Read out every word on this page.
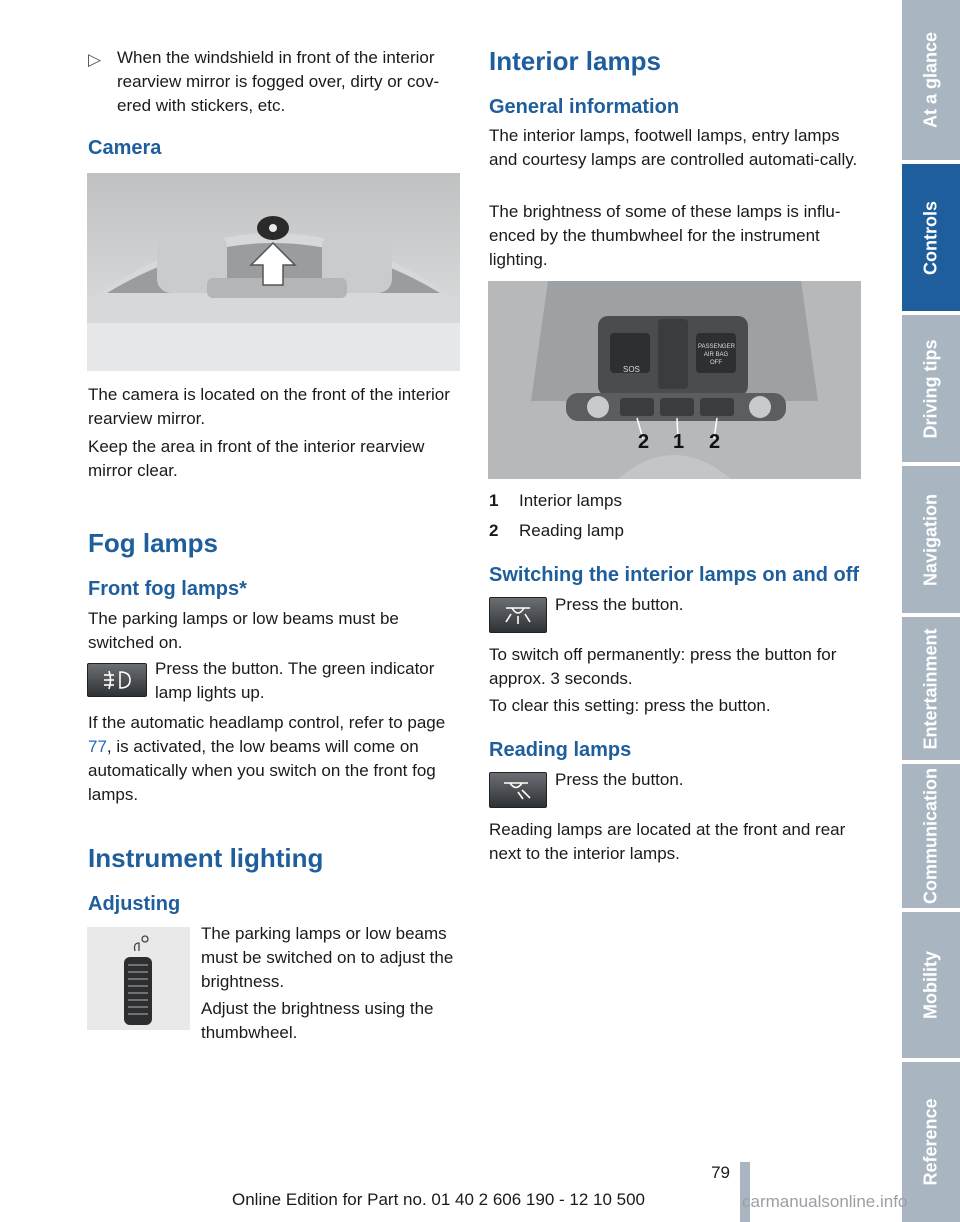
▷ When the windshield in front of the interior rearview mirror is fogged over, dirty or cov-ered with stickers, etc.
Camera
The camera is located on the front of the interior rearview mirror.
Keep the area in front of the interior rearview mirror clear.
Fog lamps
Front fog lamps*
The parking lamps or low beams must be switched on.
Press the button. The green indicator lamp lights up.
If the automatic headlamp control, refer to page 77, is activated, the low beams will come on automatically when you switch on the front fog lamps.
Instrument lighting
Adjusting
The parking lamps or low beams must be switched on to adjust the brightness.
Adjust the brightness using the thumbwheel.
Interior lamps
General information
The interior lamps, footwell lamps, entry lamps and courtesy lamps are controlled automati-cally.
The brightness of some of these lamps is influ-enced by the thumbwheel for the instrument lighting.
SOS
PASSENGER AIR BAG OFF
2 1 2
1 Interior lamps
2 Reading lamp
Switching the interior lamps on and off
Press the button.
To switch off permanently: press the button for approx. 3 seconds.
To clear this setting: press the button.
Reading lamps
Press the button.
Reading lamps are located at the front and rear next to the interior lamps.
At a glance
Controls
Driving tips
Navigation
Entertainment
Communication
Mobility
Reference
79
Online Edition for Part no. 01 40 2 606 190 - 12 10 500	carmanualsonline.info
